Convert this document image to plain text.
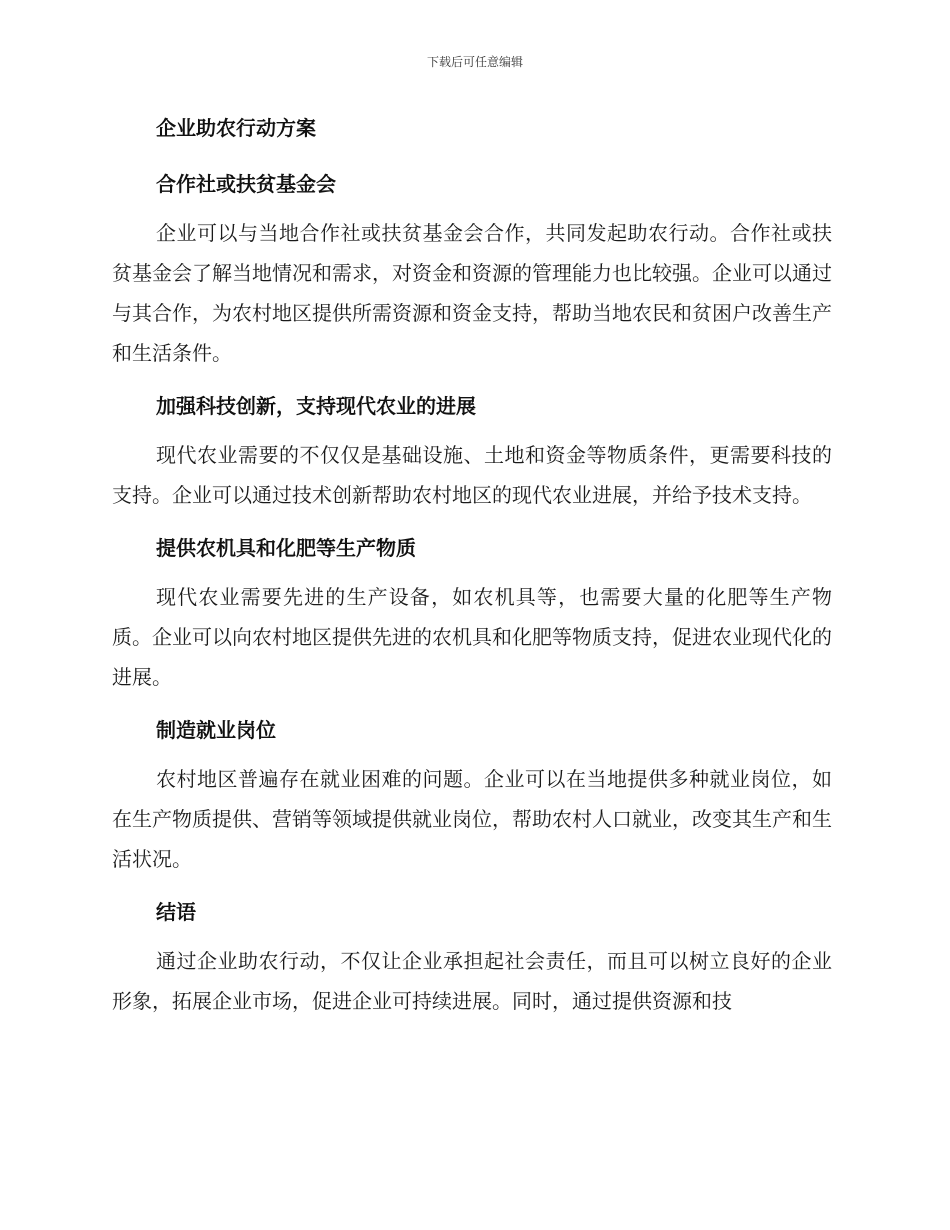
下载后可任意编辑
企业助农行动方案
合作社或扶贫基金会

企业可以与当地合作社或扶贫基金会合作，共同发起助农行动。合作社或扶贫基金会了解当地情况和需求，对资金和资源的管理能力也比较强。企业可以通过与其合作，为农村地区提供所需资源和资金支持，帮助当地农民和贫困户改善生产和生活条件。

加强科技创新，支持现代农业的进展

现代农业需要的不仅仅是基础设施、土地和资金等物质条件，更需要科技的支持。企业可以通过技术创新帮助农村地区的现代农业进展，并给予技术支持。

提供农机具和化肥等生产物质

现代农业需要先进的生产设备，如农机具等，也需要大量的化肥等生产物质。企业可以向农村地区提供先进的农机具和化肥等物质支持，促进农业现代化的进展。

制造就业岗位

农村地区普遍存在就业困难的问题。企业可以在当地提供多种就业岗位，如在生产物质提供、营销等领域提供就业岗位，帮助农村人口就业，改变其生产和生活状况。

结语

通过企业助农行动，不仅让企业承担起社会责任，而且可以树立良好的企业形象，拓展企业市场，促进企业可持续进展。同时，通过提供资源和技
